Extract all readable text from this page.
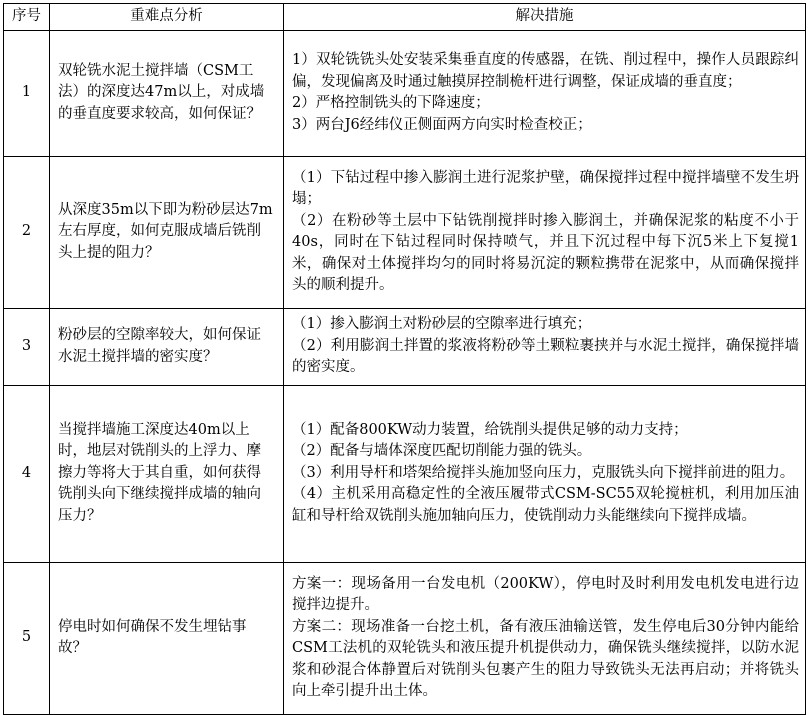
序号	重难点分析	解决措施
1	双轮铣水泥土搅拌墙（CSM工法）的深度达47m以上，对成墙的垂直度要求较高，如何保证？	1）双轮铣铣头处安装采集垂直度的传感器，在铣、削过程中，操作人员跟踪纠偏，发现偏离及时通过触摸屏控制桅杆进行调整，保证成墙的垂直度；
2）严格控制铣头的下降速度；
3）两台J6经纬仪正侧面两方向实时检查校正；

2	从深度35m以下即为粉砂层达7m左右厚度，如何克服成墙后铣削头上提的阻力？	（1）下钻过程中掺入膨润土进行泥浆护壁，确保搅拌过程中搅拌墙壁不发生坍塌；
（2）在粉砂等土层中下钻铣削搅拌时掺入膨润土，并确保泥浆的粘度不小于40s，同时在下钻过程同时保持喷气，并且下沉过程中每下沉5米上下复搅1米，确保对土体搅拌均匀的同时将易沉淀的颗粒携带在泥浆中，从而确保搅拌头的顺利提升。

3	粉砂层的空隙率较大，如何保证水泥土搅拌墙的密实度？	（1）掺入膨润土对粉砂层的空隙率进行填充；
（2）利用膨润土拌置的浆液将粉砂等土颗粒裹挟并与水泥土搅拌，确保搅拌墙的密实度。

4	当搅拌墙施工深度达40m以上时，地层对铣削头的上浮力、摩擦力等将大于其自重，如何获得铣削头向下继续搅拌成墙的轴向压力？	（1）配备800KW动力装置，给铣削头提供足够的动力支持；
（2）配备与墙体深度匹配切削能力强的铣头。
（3）利用导杆和塔架给搅拌头施加竖向压力，克服铣头向下搅拌前进的阻力。
（4）主机采用高稳定性的全液压履带式CSM-SC55双轮搅桩机，利用加压油缸和导杆给双铣削头施加轴向压力，使铣削动力头能继续向下搅拌成墙。

5	停电时如何确保不发生埋钻事故？	方案一：现场备用一台发电机（200KW），停电时及时利用发电机发电进行边搅拌边提升。
方案二：现场准备一台挖土机，备有液压油输送管，发生停电后30分钟内能给CSM工法机的双轮铣头和液压提升机提供动力，确保铣头继续搅拌，以防水泥浆和砂混合体静置后对铣削头包裹产生的阻力导致铣头无法再启动；并将铣头向上牵引提升出土体。
